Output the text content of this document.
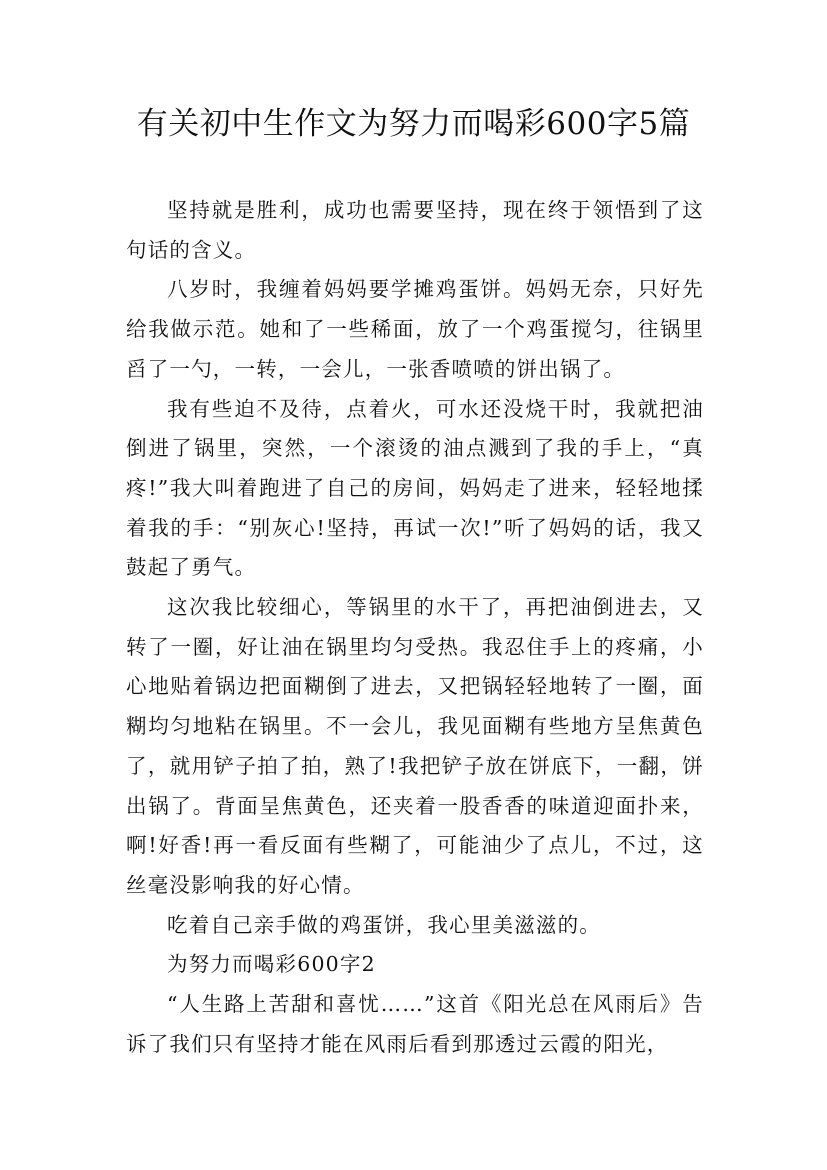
有关初中生作文为努力而喝彩600字5篇

坚持就是胜利，成功也需要坚持，现在终于领悟到了这句话的含义。

八岁时，我缠着妈妈要学摊鸡蛋饼。妈妈无奈，只好先给我做示范。她和了一些稀面，放了一个鸡蛋搅匀，往锅里舀了一勺，一转，一会儿，一张香喷喷的饼出锅了。

我有些迫不及待，点着火，可水还没烧干时，我就把油倒进了锅里，突然，一个滚烫的油点溅到了我的手上，“真疼!”我大叫着跑进了自己的房间，妈妈走了进来，轻轻地揉着我的手：“别灰心!坚持，再试一次!”听了妈妈的话，我又鼓起了勇气。

这次我比较细心，等锅里的水干了，再把油倒进去，又转了一圈，好让油在锅里均匀受热。我忍住手上的疼痛，小心地贴着锅边把面糊倒了进去，又把锅轻轻地转了一圈，面糊均匀地粘在锅里。不一会儿，我见面糊有些地方呈焦黄色了，就用铲子拍了拍，熟了!我把铲子放在饼底下，一翻，饼出锅了。背面呈焦黄色，还夹着一股香香的味道迎面扑来，啊!好香!再一看反面有些糊了，可能油少了点儿，不过，这丝毫没影响我的好心情。

吃着自己亲手做的鸡蛋饼，我心里美滋滋的。

为努力而喝彩600字2

“人生路上苦甜和喜忧……”这首《阳光总在风雨后》告诉了我们只有坚持才能在风雨后看到那透过云霞的阳光，
